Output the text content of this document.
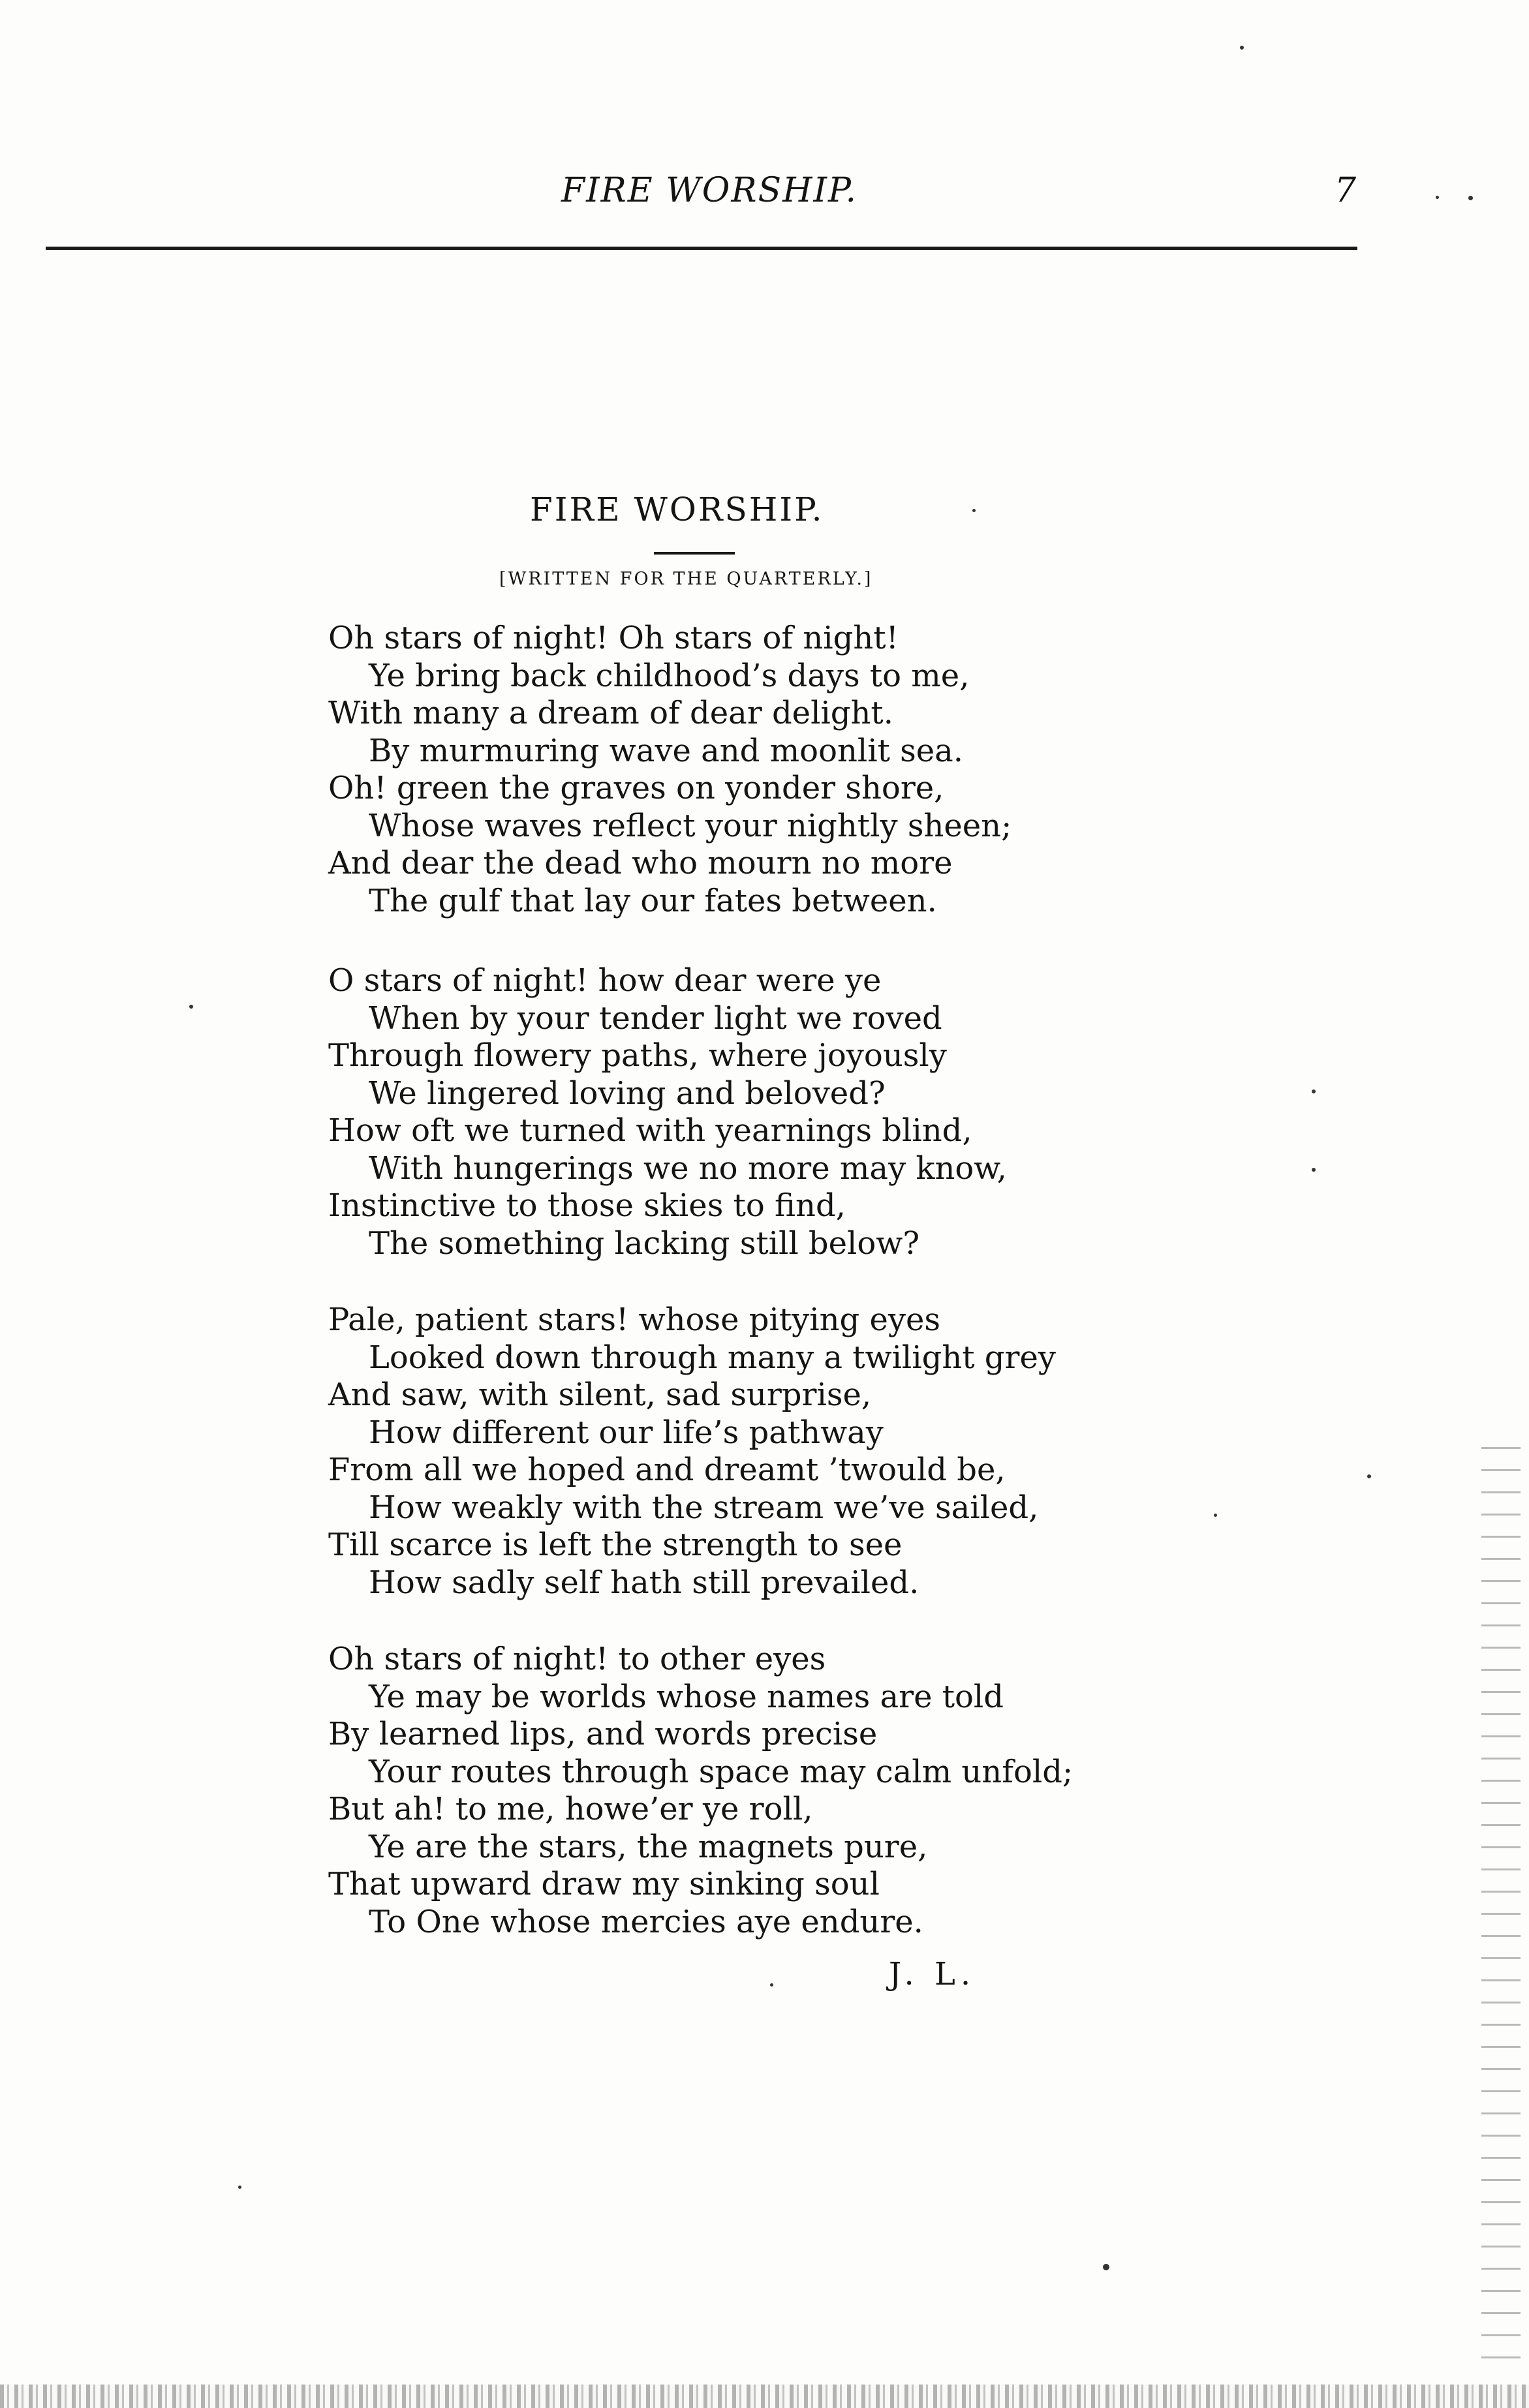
FIRE WORSHIP.	7
FIRE WORSHIP.
[WRITTEN FOR THE QUARTERLY.]
Oh stars of night! Oh stars of night!
Ye bring back childhood’s days to me,
With many a dream of dear delight.
By murmuring wave and moonlit sea.
Oh! green the graves on yonder shore,
Whose waves reflect your nightly sheen;
And dear the dead who mourn no more
The gulf that lay our fates between.
O stars of night! how dear were ye
When by your tender light we roved
Through flowery paths, where joyously
We lingered loving and beloved?
How oft we turned with yearnings blind,
With hungerings we no more may know,
Instinctive to those skies to find,
The something lacking still below?
Pale, patient stars! whose pitying eyes
Looked down through many a twilight grey
And saw, with silent, sad surprise,
How different our life’s pathway
From all we hoped and dreamt ’twould be,
How weakly with the stream we’ve sailed,
Till scarce is left the strength to see
How sadly self hath still prevailed.
Oh stars of night! to other eyes
Ye may be worlds whose names are told
By learned lips, and words precise
Your routes through space may calm unfold;
But ah! to me, howe’er ye roll,
Ye are the stars, the magnets pure,
That upward draw my sinking soul
To One whose mercies aye endure.
J. L.
